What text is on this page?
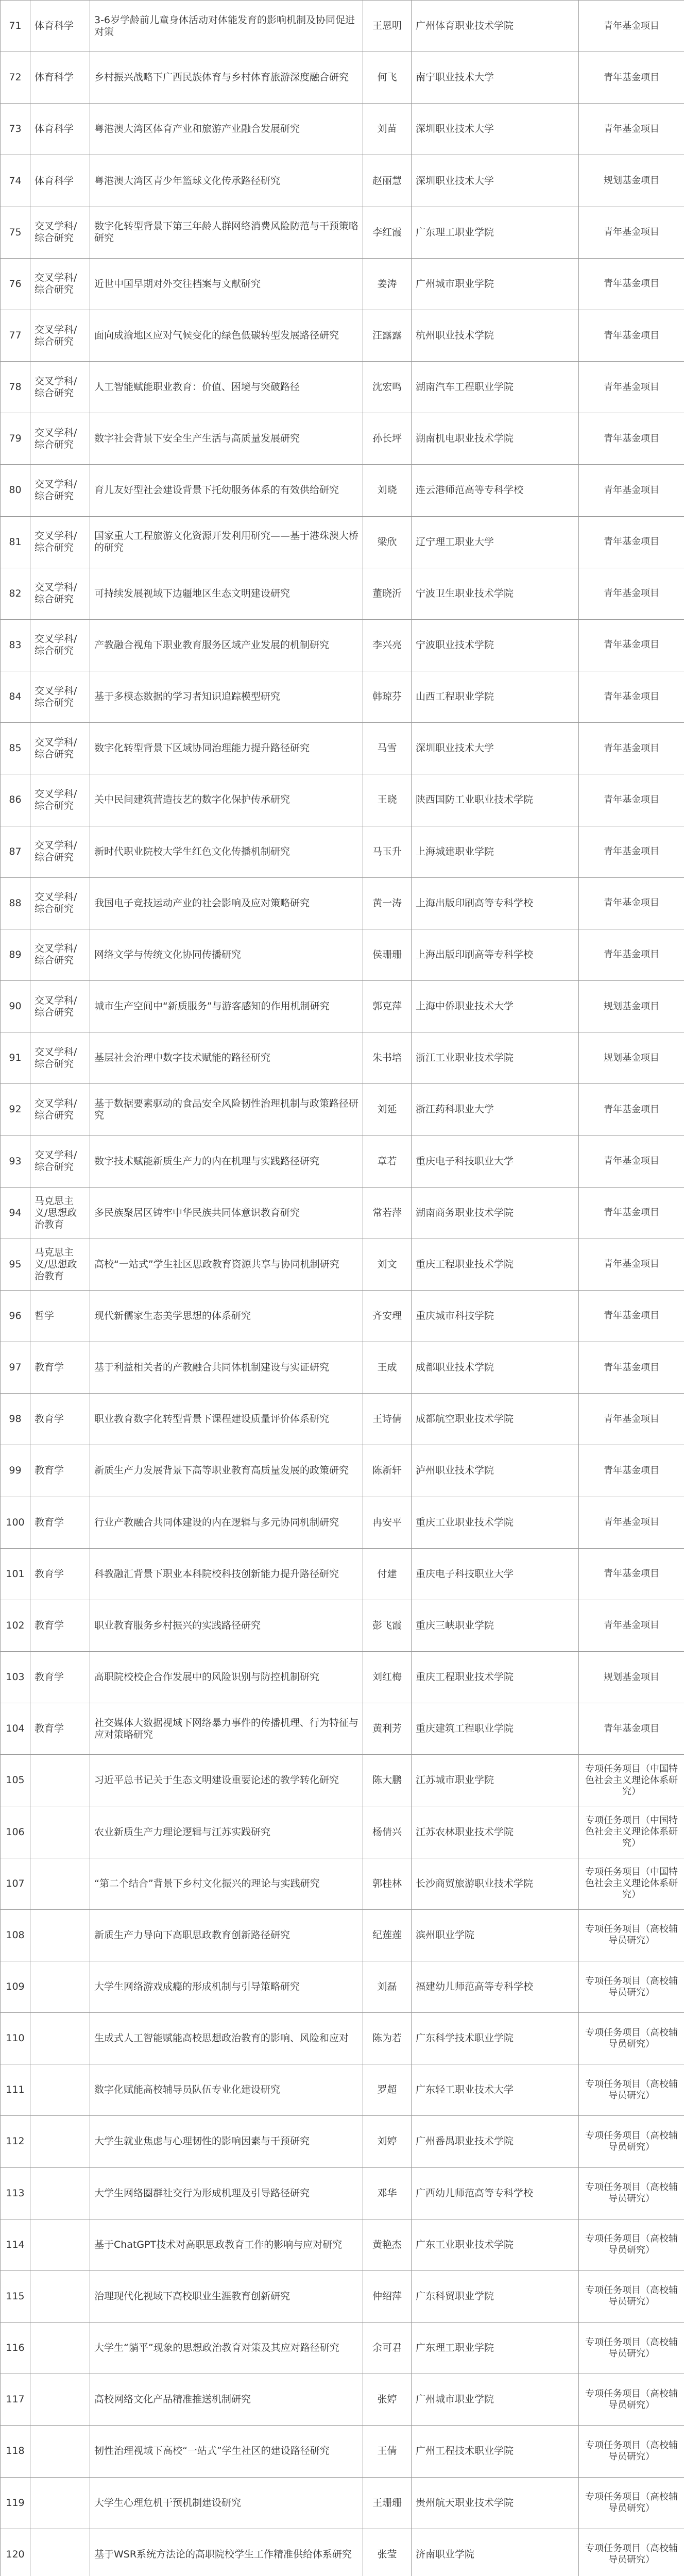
71	体育科学	3-6岁学龄前儿童身体活动对体能发育的影响机制及协同促进对策	王恩明	广州体育职业技术学院	青年基金项目
72	体育科学	乡村振兴战略下广西民族体育与乡村体育旅游深度融合研究	何飞	南宁职业技术大学	青年基金项目
73	体育科学	粤港澳大湾区体育产业和旅游产业融合发展研究	刘苗	深圳职业技术大学	青年基金项目
74	体育科学	粤港澳大湾区青少年篮球文化传承路径研究	赵丽慧	深圳职业技术大学	规划基金项目
75	交叉学科/综合研究	数字化转型背景下第三年龄人群网络消费风险防范与干预策略研究	李红霞	广东理工职业学院	青年基金项目
76	交叉学科/综合研究	近世中国早期对外交往档案与文献研究	姜涛	广州城市职业学院	青年基金项目
77	交叉学科/综合研究	面向成渝地区应对气候变化的绿色低碳转型发展路径研究	汪露露	杭州职业技术学院	青年基金项目
78	交叉学科/综合研究	人工智能赋能职业教育：价值、困境与突破路径	沈宏鸣	湖南汽车工程职业学院	青年基金项目
79	交叉学科/综合研究	数字社会背景下安全生产生活与高质量发展研究	孙长坪	湖南机电职业技术学院	青年基金项目
80	交叉学科/综合研究	育儿友好型社会建设背景下托幼服务体系的有效供给研究	刘晓	连云港师范高等专科学校	青年基金项目
81	交叉学科/综合研究	国家重大工程旅游文化资源开发利用研究——基于港珠澳大桥的研究	梁欣	辽宁理工职业大学	青年基金项目
82	交叉学科/综合研究	可持续发展视域下边疆地区生态文明建设研究	董晓沂	宁波卫生职业技术学院	青年基金项目
83	交叉学科/综合研究	产教融合视角下职业教育服务区域产业发展的机制研究	李兴亮	宁波职业技术学院	青年基金项目
84	交叉学科/综合研究	基于多模态数据的学习者知识追踪模型研究	韩琼芬	山西工程职业学院	青年基金项目
85	交叉学科/综合研究	数字化转型背景下区域协同治理能力提升路径研究	马雪	深圳职业技术大学	青年基金项目
86	交叉学科/综合研究	关中民间建筑营造技艺的数字化保护传承研究	王晓	陕西国防工业职业技术学院	青年基金项目
87	交叉学科/综合研究	新时代职业院校大学生红色文化传播机制研究	马玉升	上海城建职业学院	青年基金项目
88	交叉学科/综合研究	我国电子竞技运动产业的社会影响及应对策略研究	黄一涛	上海出版印刷高等专科学校	青年基金项目
89	交叉学科/综合研究	网络文学与传统文化协同传播研究	侯珊珊	上海出版印刷高等专科学校	青年基金项目
90	交叉学科/综合研究	城市生产空间中“新质服务”与游客感知的作用机制研究	郭克萍	上海中侨职业技术大学	规划基金项目
91	交叉学科/综合研究	基层社会治理中数字技术赋能的路径研究	朱书培	浙江工业职业技术学院	规划基金项目
92	交叉学科/综合研究	基于数据要素驱动的食品安全风险韧性治理机制与政策路径研究	刘延	浙江药科职业大学	青年基金项目
93	交叉学科/综合研究	数字技术赋能新质生产力的内在机理与实践路径研究	章若	重庆电子科技职业大学	青年基金项目
94	马克思主义/思想政治教育	多民族聚居区铸牢中华民族共同体意识教育研究	常若萍	湖南商务职业技术学院	青年基金项目
95	马克思主义/思想政治教育	高校“一站式”学生社区思政教育资源共享与协同机制研究	刘文	重庆工程职业技术学院	青年基金项目
96	哲学	现代新儒家生态美学思想的体系研究	齐安理	重庆城市科技学院	青年基金项目
97	教育学	基于利益相关者的产教融合共同体机制建设与实证研究	王成	成都职业技术学院	青年基金项目
98	教育学	职业教育数字化转型背景下课程建设质量评价体系研究	王诗倩	成都航空职业技术学院	青年基金项目
99	教育学	新质生产力发展背景下高等职业教育高质量发展的政策研究	陈新轩	泸州职业技术学院	青年基金项目
100	教育学	行业产教融合共同体建设的内在逻辑与多元协同机制研究	冉安平	重庆工业职业技术学院	青年基金项目
101	教育学	科教融汇背景下职业本科院校科技创新能力提升路径研究	付建	重庆电子科技职业大学	青年基金项目
102	教育学	职业教育服务乡村振兴的实践路径研究	彭飞霞	重庆三峡职业学院	青年基金项目
103	教育学	高职院校校企合作发展中的风险识别与防控机制研究	刘红梅	重庆工程职业技术学院	规划基金项目
104	教育学	社交媒体大数据视域下网络暴力事件的传播机理、行为特征与应对策略研究	黄利芳	重庆建筑工程职业学院	青年基金项目
105		习近平总书记关于生态文明建设重要论述的教学转化研究	陈大鹏	江苏城市职业学院	专项任务项目（中国特色社会主义理论体系研究）
106		农业新质生产力理论逻辑与江苏实践研究	杨倩兴	江苏农林职业技术学院	专项任务项目（中国特色社会主义理论体系研究）
107		“第二个结合”背景下乡村文化振兴的理论与实践研究	郭桂林	长沙商贸旅游职业技术学院	专项任务项目（中国特色社会主义理论体系研究）
108		新质生产力导向下高职思政教育创新路径研究	纪莲莲	滨州职业学院	专项任务项目（高校辅导员研究）
109		大学生网络游戏成瘾的形成机制与引导策略研究	刘磊	福建幼儿师范高等专科学校	专项任务项目（高校辅导员研究）
110		生成式人工智能赋能高校思想政治教育的影响、风险和应对	陈为若	广东科学技术职业学院	专项任务项目（高校辅导员研究）
111		数字化赋能高校辅导员队伍专业化建设研究	罗超	广东轻工职业技术大学	专项任务项目（高校辅导员研究）
112		大学生就业焦虑与心理韧性的影响因素与干预研究	刘婷	广州番禺职业技术学院	专项任务项目（高校辅导员研究）
113		大学生网络圈群社交行为形成机理及引导路径研究	邓华	广西幼儿师范高等专科学校	专项任务项目（高校辅导员研究）
114		基于ChatGPT技术对高职思政教育工作的影响与应对研究	黄艳杰	广东工业职业技术学院	专项任务项目（高校辅导员研究）
115		治理现代化视域下高校职业生涯教育创新研究	仲绍萍	广东科贸职业学院	专项任务项目（高校辅导员研究）
116		大学生“躺平”现象的思想政治教育对策及其应对路径研究	余可君	广东理工职业学院	专项任务项目（高校辅导员研究）
117		高校网络文化产品精准推送机制研究	张婷	广州城市职业学院	专项任务项目（高校辅导员研究）
118		韧性治理视域下高校“一站式”学生社区的建设路径研究	王倩	广州工程技术职业学院	专项任务项目（高校辅导员研究）
119		大学生心理危机干预机制建设研究	王珊珊	贵州航天职业技术学院	专项任务项目（高校辅导员研究）
120		基于WSR系统方法论的高职院校学生工作精准供给体系研究	张莹	济南职业学院	专项任务项目（高校辅导员研究）
